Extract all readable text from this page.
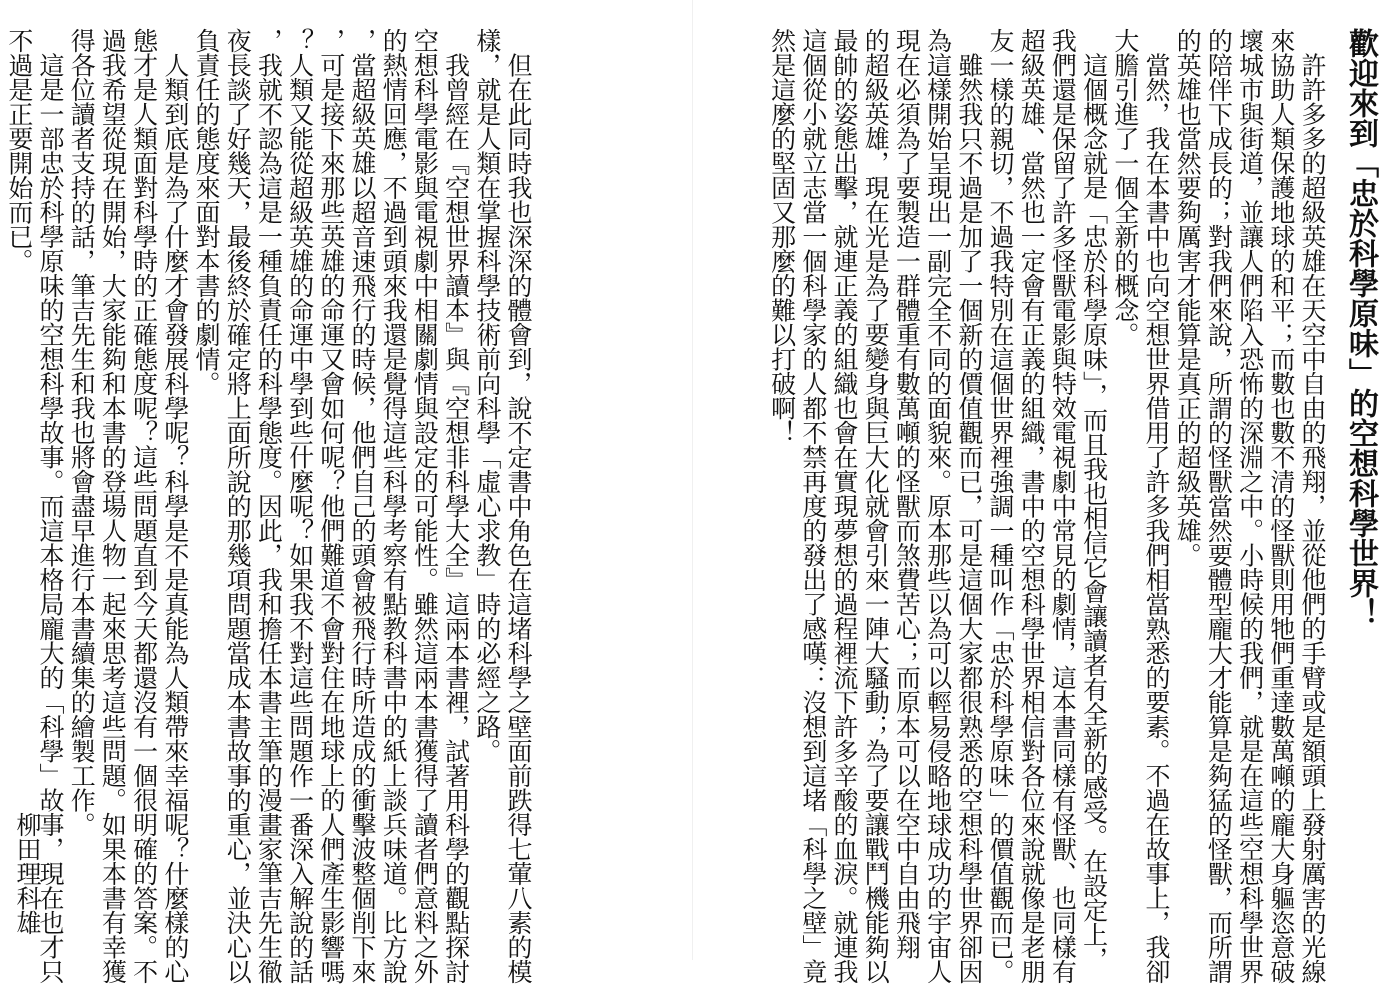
歡迎來到「忠於科學原味」的空想科學世界！
　許許多多的超級英雄在天空中自由的飛翔，並從他們的手臂或是額頭上發射厲害的光線
來協助人類保護地球的和平；而數也數不清的怪獸則用牠們重達數萬噸的龐大身軀恣意破
壞城市與街道，並讓人們陷入恐怖的深淵之中。小時候的我們，就是在這些空想科學世界
的陪伴下成長的；對我們來說，所謂的怪獸當然要體型龐大才能算是夠猛的怪獸，而所謂
的英雄也當然要夠厲害才能算是真正的超級英雄。
　當然，我在本書中也向空想世界借用了許多我們相當熟悉的要素。不過在故事上，我卻
大膽引進了一個全新的概念。
　這個概念就是「忠於科學原味」，而且我也相信它會讓讀者有全新的感受。在設定上，
我們還是保留了許多怪獸電影與特效電視劇中常見的劇情，這本書同樣有怪獸、也同樣有
超級英雄、當然也一定會有正義的組織，書中的空想科學世界相信對各位來說就像是老朋
友一樣的親切，不過我特別在這個世界裡強調一種叫作「忠於科學原味」的價值觀而已。
　雖然我只不過是加了一個新的價值觀而已，可是這個大家都很熟悉的空想科學世界卻因
為這樣開始呈現出一副完全不同的面貌來。原本那些以為可以輕易侵略地球成功的宇宙人
現在必須為了要製造一群體重有數萬噸的怪獸而煞費苦心；而原本可以在空中自由飛翔
的超級英雄，現在光是為了要變身與巨大化就會引來一陣大騷動；為了要讓戰鬥機能夠以
最帥的姿態出擊，就連正義的組織也會在實現夢想的過程裡流下許多辛酸的血淚。就連我
這個從小就立志當一個科學家的人都不禁再度的發出了感嘆：沒想到這堵「科學之壁」竟
然是這麼的堅固又那麼的難以打破啊！
　但在此同時我也深深的體會到，說不定書中角色在這堵科學之壁面前跌得七葷八素的模
樣，就是人類在掌握科學技術前向科學「虛心求教」時的必經之路。
　我曾經在『空想世界讀本』與『空想非科學大全』這兩本書裡，試著用科學的觀點探討
空想科學電影與電視劇中相關劇情與設定的可能性。雖然這兩本書獲得了讀者們意料之外
的熱情回應，不過到頭來我還是覺得這些科學考察有點教科書中的紙上談兵味道。比方說
，當超級英雄以超音速飛行的時候，他們自己的頭會被飛行時所造成的衝擊波整個削下來
，可是接下來那些英雄的命運又會如何呢？他們難道不會對住在地球上的人們產生影響嗎
？人類又能從超級英雄的命運中學到些什麼呢？如果我不對這些問題作一番深入解說的話
，我就不認為這是一種負責任的科學態度。因此，我和擔任本書主筆的漫畫家筆吉先生徹
夜長談了好幾天，最後終於確定將上面所說的那幾項問題當成本書故事的重心，並決心以
負責任的態度來面對本書的劇情。
　人類到底是為了什麼才會發展科學呢？科學是不是真能為人類帶來幸福呢？什麼樣的心
態才是人類面對科學時的正確態度呢？這些問題直到今天都還沒有一個很明確的答案。不
過我希望從現在開始，大家能夠和本書的登場人物一起來思考這些問題。如果本書有幸獲
得各位讀者支持的話，筆吉先生和我也將會盡早進行本書續集的繪製工作。
　這是一部忠於科學原味的空想科學故事。而這本格局龐大的「科學」故事，現在也才只
不過是正要開始而已。
柳田理科雄
